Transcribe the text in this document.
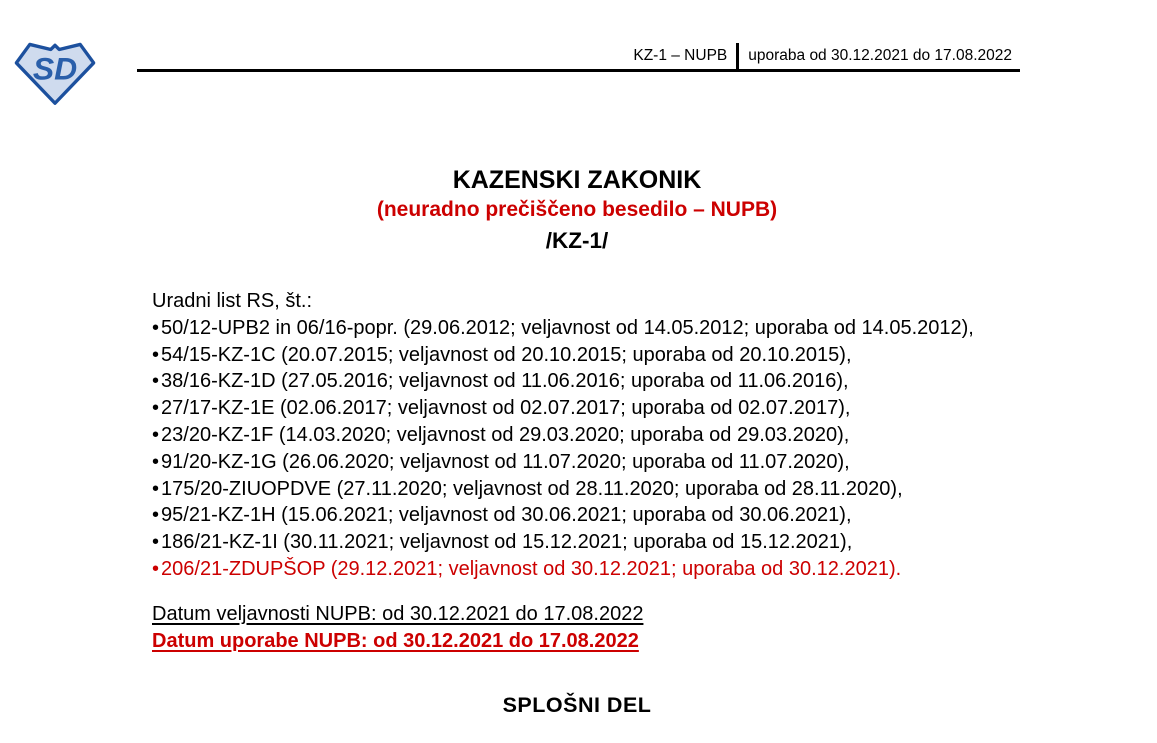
SD	KZ-1 – NUPB	uporaba od 30.12.2021 do 17.08.2022
KAZENSKI ZAKONIK
(neuradno prečiščeno besedilo – NUPB)
/KZ-1/

Uradni list RS, št.:

• 50/12-UPB2 in 06/16-popr. (29.06.2012; veljavnost od 14.05.2012; uporaba od 14.05.2012),
• 54/15-KZ-1C (20.07.2015; veljavnost od 20.10.2015; uporaba od 20.10.2015),
• 38/16-KZ-1D (27.05.2016; veljavnost od 11.06.2016; uporaba od 11.06.2016),
• 27/17-KZ-1E (02.06.2017; veljavnost od 02.07.2017; uporaba od 02.07.2017),
• 23/20-KZ-1F (14.03.2020; veljavnost od 29.03.2020; uporaba od 29.03.2020),
• 91/20-KZ-1G (26.06.2020; veljavnost od 11.07.2020; uporaba od 11.07.2020),
• 175/20-ZIUOPDVE (27.11.2020; veljavnost od 28.11.2020; uporaba od 28.11.2020),
• 95/21-KZ-1H (15.06.2021; veljavnost od 30.06.2021; uporaba od 30.06.2021),
• 186/21-KZ-1I (30.11.2021; veljavnost od 15.12.2021; uporaba od 15.12.2021),
• 206/21-ZDUPŠOP (29.12.2021; veljavnost od 30.12.2021; uporaba od 30.12.2021).

Datum veljavnosti NUPB: od 30.12.2021 do 17.08.2022

Datum uporabe NUPB: od 30.12.2021 do 17.08.2022

SPLOŠNI DEL
